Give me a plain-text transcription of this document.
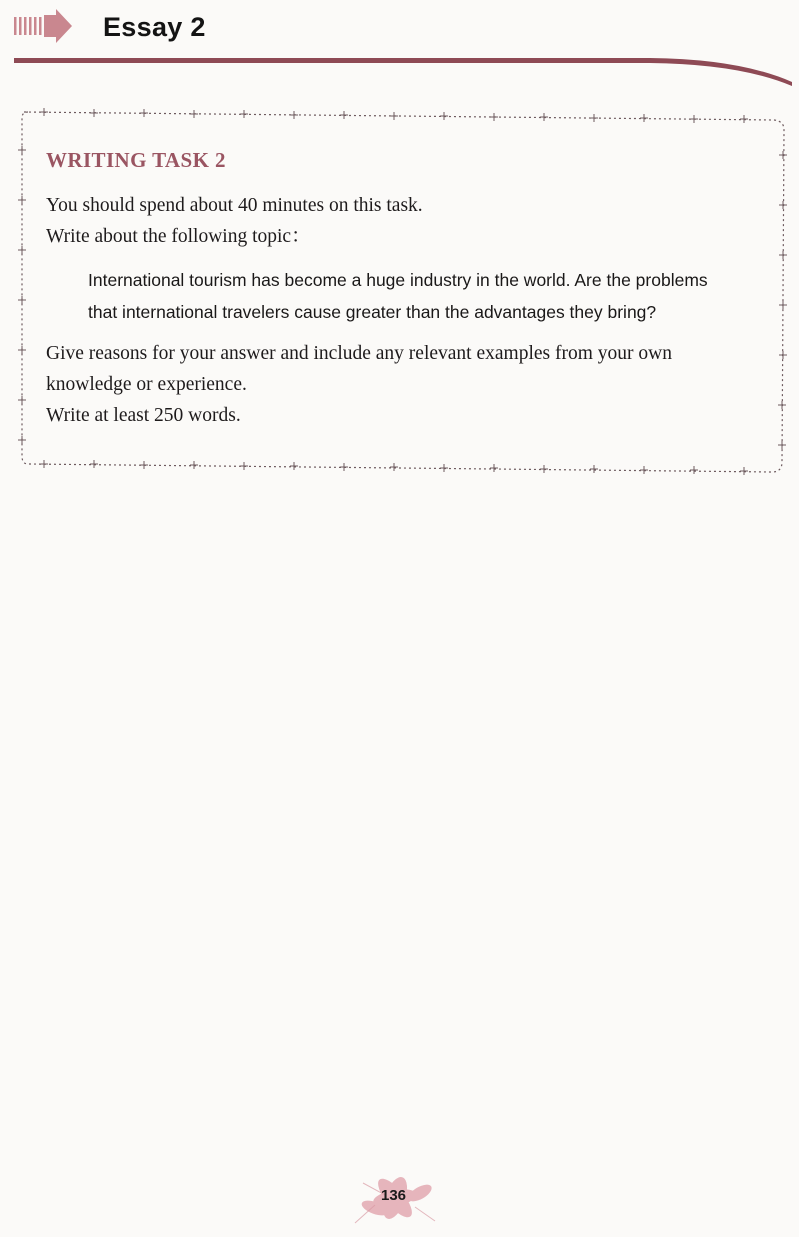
Essay 2
WRITING TASK 2

You should spend about 40 minutes on this task.

Write about the following topic：

International tourism has become a huge industry in the world. Are the problems
that international travelers cause greater than the advantages they bring?

Give reasons for your answer and include any relevant examples from your own

knowledge or experience.

Write at least 250 words.

136
